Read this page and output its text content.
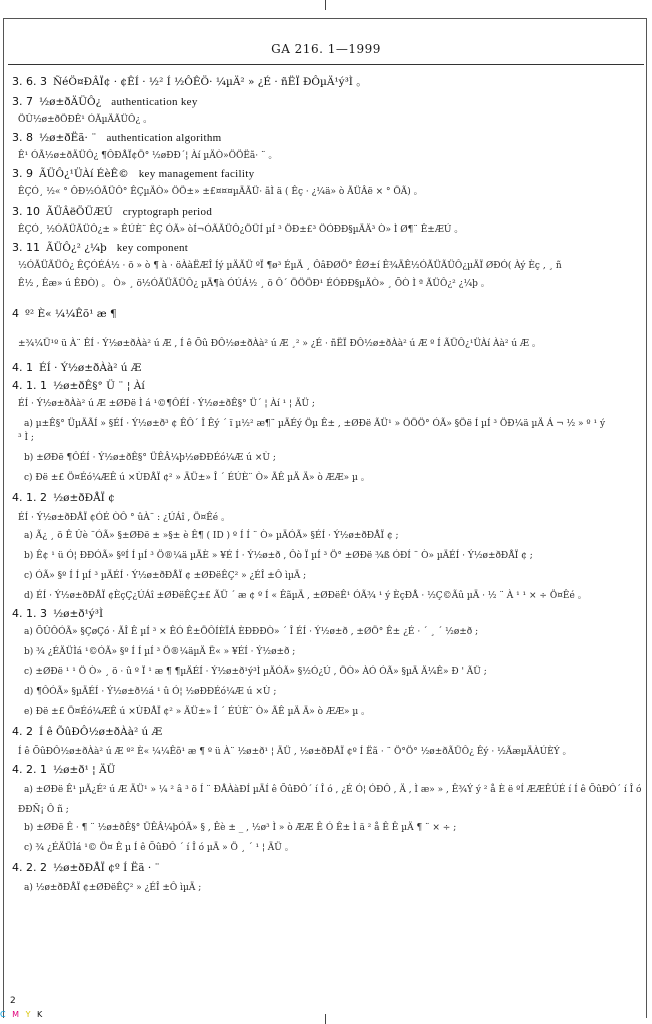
GA 216. 1—1999
3. 6. 3 ÑéÖ¤ÐÂÏ¢ · ¢ÊÍ · ½² Í ½ÔÊÖ· ¼µÄ² » ¿É · ñËÏ ÐÔµÄ¹ý³Ì 。
3. 7 ½ø±ðÄÜÔ¿ authentication key
ÖÛ½ø±ðÖÐÊ¹ ÓÃµÄÃÜÔ¿ 。
3. 8 ½ø±ðËã· ¨ authentication algorithm
Ê¹ ÓÃ½ø±ðÄÜÔ¿ ¶ÔÐÅÏ¢Ö° ½øÐÐ´¦ Àí µÄÒ»ÖÖËã· ¨ 。
3. 9 ÃÜÔ¿¹ÜÀí ÉèÊ© key management facility
ÊÇÓ¸ ½« ° ÔÐ½ÓÃÜÔ° ÊÇµÄÒ» ÖÖ±» ±£¤¤¤µÄÃÜ· ãÌ ä ( Êç · ¿¼ä» ò ÃÜÂë × ° ÖÃ) 。
3. 10 ÃÜÂëÖÜÆÚ cryptograph period
ÊÇÓ¸ ½ÓÃÜÃÜÔ¿± » ÊÚÈ¨ ÊÇ ÓÃ» òÍ¬ÓÃÃÜÔ¿ÖÜÍ µÍ ³ ÖÐ±£³ ÖÓÐÐ§µÄÄ³ Ò» Ì Ø¶¨ Ê±ÆÚ 。
3. 11 ÃÜÔ¿² ¿¼þ key component
½ÓÃÜÃÜÔ¿ ÊÇÓÉÁ½ · ö » ò ¶ à · öÀàËÆÎ Íý µÄÃÜ ºÏ ¶ø³ ÉµÄ ¸ ÔâÐØÖ° ÊØ±í Ê¾ÄÊ½ÓÃÜÃÜÔ¿µÄÏ ØÐÓ( Àý Èç , ¸ ñ
Ê½ , Êæ» ú ÊÐÒ) 。 Ò» ¸ ö½ÓÃÜÃÜÔ¿ µÄ¶à ÓÚÁ½ ¸ ö Ô´ ÖÖÖÐ¹ ÉÓÐÐ§µÄÒ» ¸ ÕÒ Ì ª ÃÜÔ¿² ¿¼þ 。
4 º² È« ¼¼Êõ¹ æ ¶
±¾¼Ü¹º ü À¨ ÊÍ · Ý½ø±ðÀà² ú Æ , Í ê Õû ÐÔ½ø±ðÀà² ú Æ ¸² » ¿É · ñËÏ ÐÔ½ø±ðÀà² ú Æ º Í ÃÜÔ¿¹ÜÀí Àà² ú Æ 。
4. 1 ÉÍ · Ý½ø±ðÀà² ú Æ
4. 1. 1 ½ø±ðÊ§° Ü ¨ ¦ Àí
ÉÍ · Ý½ø±ðÀà² ú Æ ±ØÐë Ì á ¹©¶ÔÉÍ · Ý½ø±ðÊ§° Ü´ ¦ Àí ¹ ¦ ÄÜ ;
a) µ±Ê§° ÜµÄÃÍ » §ÉÍ · Ý½ø±ð³ ¢ ÊÔ´ Î Êý ´ ï µ½² æ¶¨ µÄÉý Öµ Ê± , ±ØÐë ÃÜ¹ » ÖÖÖ° ÓÃ» §Öë Í µÍ ³ ÖÐ¼ä µÄ Á ¬ ½ » º ¹ ý
³ Ì ;
b) ±ØÐë ¶ÔÉÍ · Ý½ø±ðÊ§° ÜÊÂ¼þ½øÐÐÉó¼Æ ú ×Ù ;
c) Ðë ±£ Ö¤Éó¼ÆÊ ú ×ÙÐÅÏ ¢² » ÄÜ±» Î ´ ÉÚÈ¨ Ò» ÃÊ µÄ Ä» ò ÆÆ» µ 。
4. 1. 2 ½ø±ðÐÅÏ ¢
ÉÍ · Ý½ø±ðÐÅÏ ¢ÓÉ ÒÔ ° ûÀ¨ : ¿ÚÁî , Ö¤Êé 。
a) Ã¿ ¸ ö Ê Ûè ¨ÓÃ» §±ØÐë ± »§± è Ê¶ ( ID ) º Í Í ¨ Ò» µÄÓÃ» §ÉÍ · Ý½ø±ðÐÅÏ ¢ ;
b) Ê¢ ¹ ü Ó¦ ÐÐÓÃ» §ºÍ Í µÍ ³ Ö®¼ä µÄÈ » ¥É Í · Ý½ø±ð , Ôò Ï µÍ ³ Ö° ±ØÐë ¾ß ÓÐÍ ¨ Ò» µÄÉÍ · Ý½ø±ðÐÅÏ ¢ ;
c) ÓÃ» §º Í Í µÍ ³ µÄÉÍ · Ý½ø±ðÐÅÏ ¢ ±ØÐëÊÇ² » ¿ÉÎ ±Ô ìµÄ ;
d) ÉÍ · Ý½ø±ðÐÅÏ ¢ÈçÇ¿ÚÁî ±ØÐëÊÇ±£ ÃÜ ´ æ ¢ º Í « ÊãµÄ , ±ØÐëÊ¹ ÓÃ¾ ¹ ý ÈçÐÅ · ½Ç©Ãû µÄ · ½ ¨ À ¹ ¹ × ÷ Ö¤Êé 。
4. 1. 3 ½ø±ð¹ý³Ì
a) ÕÛÔÓÃ» §ÇøÇó · ÃÎ Ê µÍ ³ × ÊÓ Ê±ÖÔÍÈÏÁ ÈÐÐÐÒ» ´ Î ÉÍ · Ý½ø±ð , ±ØÖ° Ê± ¿É · ´ ¸ ´ ½ø±ð ;
b) ¾ ¿ÉÄÜÌá ¹©ÓÃ» §º Í Í µÍ ³ Ö®¼äµÄ Ë« » ¥ÉÍ · Ý½ø±ð ;
c) ±ØÐë ¹ ¹ Ö Ò» ¸ ö · û º Ï ¹ æ ¶ ¶µÄÉÍ · Ý½ø±ð¹ý³Ì µÄÓÃ» §½Ó¿Ú , ÖÒ» ÀÓ ÓÃ» §µÄ Ä¼Ê» Ð ' ÃÜ ;
d) ¶ÔÓÃ» §µÄÉÍ · Ý½ø±ð½á ¹ û Ó¦ ½øÐÐÉó¼Æ ú ×Ù ;
e) Ðë ±£ Ö¤Éó¼ÆÊ ú ×ÙÐÅÏ ¢² » ÄÜ±» Î ´ ÉÚÈ¨ Ò» ÃÊ µÄ Ä» ò ÆÆ» µ 。
4. 2 Í ê ÕûÐÔ½ø±ðÀà² ú Æ
Í ê ÕûÐÔ½ø±ðÀà² ú Æ º² È« ¼¼Êõ¹ æ ¶ º ü À¨ ½ø±ð¹ ¦ ÄÜ , ½ø±ðÐÅÏ ¢º Í Ëã · ¨ Ö°Ö° ½ø±ðÃÜÔ¿ Êý · ½ÃæµÄÀÚÈÝ 。
4. 2. 1 ½ø±ð¹ ¦ ÄÜ
a) ±ØÐë Ê¹ µÃ¿É² ú Æ ÄÜ¹ » ¼ ² â ³ ö Í ¨ ÐÅÀàÐÍ µÄÍ ê ÕûÐÔ´ í Î ó , ¿É Ó¦ ÓÐÔ , Ä , Ì æ» » , Ê¾Ý ý ² å È ë ºÍ ÆÆÊÚÉ í Í ê ÕûÐÔ´ í Î ó
ÐÐÑ¡ Ô ñ ;
b) ±ØÐë Ê · ¶ ¨ ½ø±ðÊ§° ÜÊÂ¼þÓÃ» § , Êè ± _ , ½ø³ Ì » ò ÆÆ Ê Ó Ê± Ì ä ² å Ê Ê µÄ ¶ ¨ × ÷ ;
c) ¾ ¿ÉÄÜÌá ¹© Ö¤ Ê µ Í ê ÕûÐÔ ´ í Î ó µÄ » Ö ¸ ´ ¹ ¦ ÄÜ 。
4. 2. 2 ½ø±ðÐÅÏ ¢º Í Ëã · ¨
a) ½ø±ðÐÅÏ ¢±ØÐëÊÇ² » ¿ÉÎ ±Ô ìµÄ ;
2
C M Y K
